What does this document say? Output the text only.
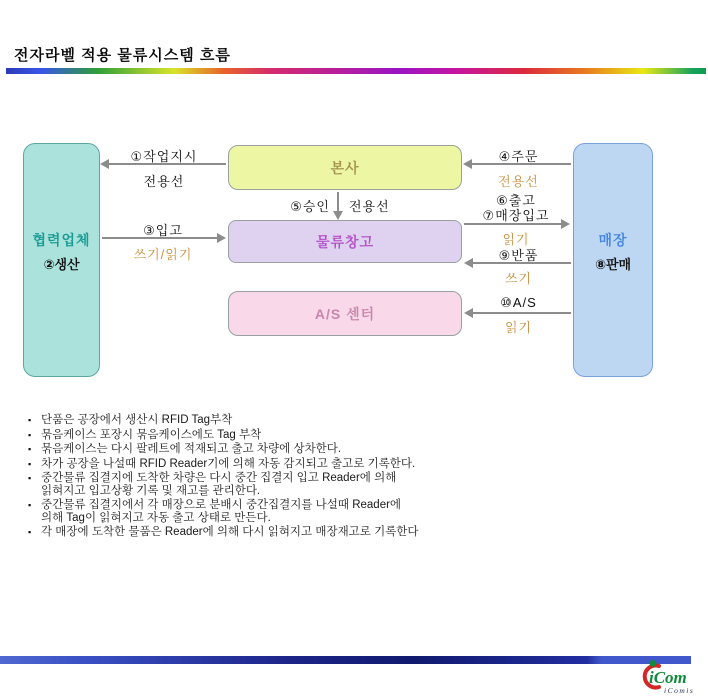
전자라벨 적용 물류시스템 흐름
협력업체
②생산
본사
물류창고
A/S 센터
매장
⑧판매
①작업지시
전용선
③입고
쓰기/읽기
⑤승인 전용선
④주문
전용선
⑥출고
⑦매장입고
읽기
⑨반품
쓰기
⑩A/S
읽기
▪ 단품은 공장에서 생산시 RFID Tag부착
▪ 묶음케이스 포장시 묶음케이스에도 Tag 부착
▪ 묶음케이스는 다시 팔레트에 적재되고 출고 차량에 상차한다.
▪ 차가 공장을 나설때 RFID Reader기에 의해 자동 감지되고 출고로 기록한다.
▪ 중간물류 집결지에 도착한 차량은 다시 중간 집결지 입고 Reader에 의해
읽혀지고 입고상황 기록 및 재고를 관리한다.
▪ 중간물류 집결지에서 각 매장으로 분배시 중간집결지를 나설때 Reader에
의해 Tag이 읽혀지고 자동 출고 상태로 만든다.
▪ 각 매장에 도착한 물품은 Reader에 의해 다시 읽혀지고 매장재고로 기록한다
iCom
iComis
